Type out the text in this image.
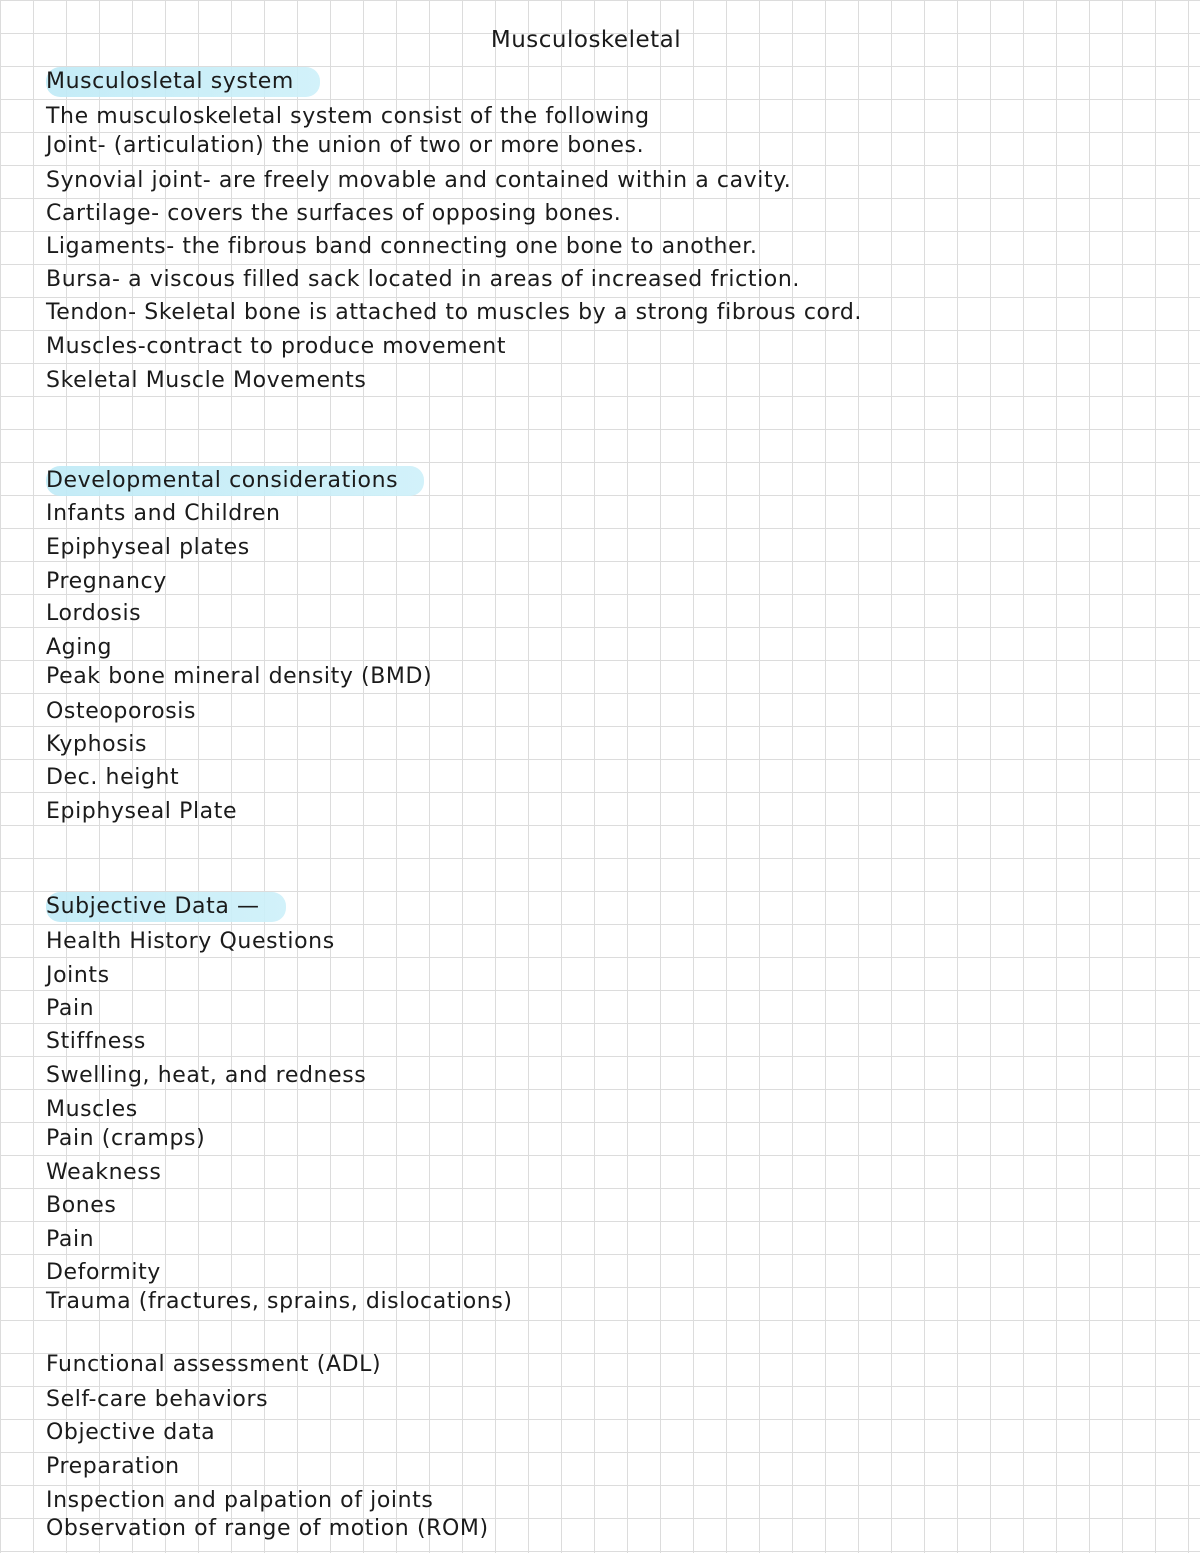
Musculoskeletal
Musculosletal system
The musculoskeletal system consist of the following
Joint- (articulation) the union of two or more bones.
Synovial joint- are freely movable and contained within a cavity.
Cartilage- covers the surfaces of opposing bones.
Ligaments- the fibrous band connecting one bone to another.
Bursa- a viscous filled sack located in areas of increased friction.
Tendon- Skeletal bone is attached to muscles by a strong fibrous cord.
Muscles-contract to produce movement
Skeletal Muscle Movements
Developmental considerations
Infants and Children
Epiphyseal plates
Pregnancy
Lordosis
Aging
Peak bone mineral density (BMD)
Osteoporosis
Kyphosis
Dec. height
Epiphyseal Plate
Subjective Data —
Health History Questions
Joints
Pain
Stiffness
Swelling, heat, and redness
Muscles
Pain (cramps)
Weakness
Bones
Pain
Deformity
Trauma (fractures, sprains, dislocations)
Functional assessment (ADL)
Self-care behaviors
Objective data
Preparation
Inspection and palpation of joints
Observation of range of motion (ROM)
